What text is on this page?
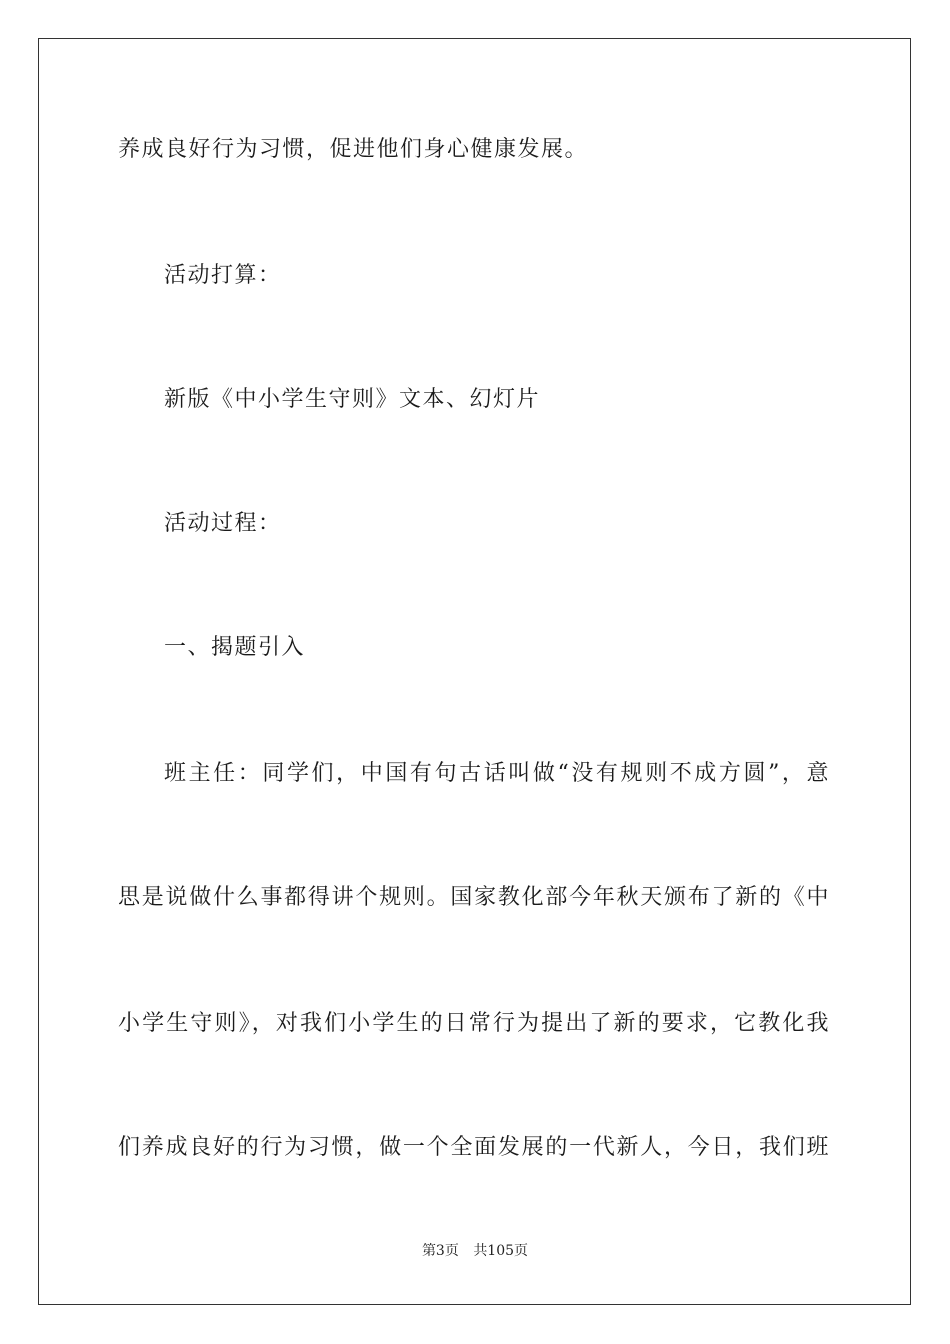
养成良好行为习惯，促进他们身心健康发展。
活动打算：
新版《中小学生守则》文本、幻灯片
活动过程：
一、揭题引入
班主任：同学们，中国有句古话叫做“没有规则不成方圆”，意
思是说做什么事都得讲个规则。国家教化部今年秋天颁布了新的《中
小学生守则》，对我们小学生的日常行为提出了新的要求，它教化我
们养成良好的行为习惯，做一个全面发展的一代新人，今日，我们班
第3页 共105页
